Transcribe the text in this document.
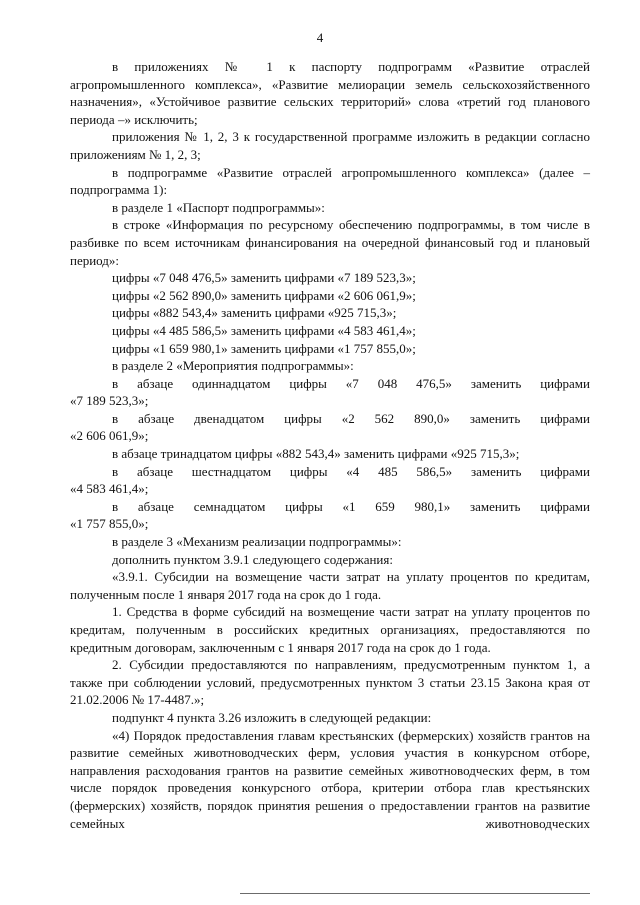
4

в приложениях № 1 к паспорту подпрограмм «Развитие отраслей агропромышленного комплекса», «Развитие мелиорации земель сельскохозяйственного назначения», «Устойчивое развитие сельских территорий» слова «третий год планового периода –» исключить;

приложения № 1, 2, 3 к государственной программе изложить в редакции согласно приложениям № 1, 2, 3;

в подпрограмме «Развитие отраслей агропромышленного комплекса» (далее – подпрограмма 1):

в разделе 1 «Паспорт подпрограммы»:

в строке «Информация по ресурсному обеспечению подпрограммы, в том числе в разбивке по всем источникам финансирования на очередной финансовый год и плановый период»:

цифры «7 048 476,5» заменить цифрами «7 189 523,3»;

цифры «2 562 890,0» заменить цифрами «2 606 061,9»;

цифры «882 543,4» заменить цифрами «925 715,3»;

цифры «4 485 586,5» заменить цифрами «4 583 461,4»;

цифры «1 659 980,1» заменить цифрами «1 757 855,0»;

в разделе 2 «Мероприятия подпрограммы»:

в абзаце одиннадцатом цифры «7 048 476,5» заменить цифрами

«7 189 523,3»;

в абзаце двенадцатом цифры «2 562 890,0» заменить цифрами

«2 606 061,9»;

в абзаце тринадцатом цифры «882 543,4» заменить цифрами «925 715,3»;

в абзаце шестнадцатом цифры «4 485 586,5» заменить цифрами

«4 583 461,4»;

в абзаце семнадцатом цифры «1 659 980,1» заменить цифрами

«1 757 855,0»;

в разделе 3 «Механизм реализации подпрограммы»:

дополнить пунктом 3.9.1 следующего содержания:

«3.9.1. Субсидии на возмещение части затрат на уплату процентов по кредитам, полученным после 1 января 2017 года на срок до 1 года.

1. Средства в форме субсидий на возмещение части затрат на уплату процентов по кредитам, полученным в российских кредитных организациях, предоставляются по кредитным договорам, заключенным с 1 января 2017 года на срок до 1 года.

2. Субсидии предоставляются по направлениям, предусмотренным пунктом 1, а также при соблюдении условий, предусмотренных пунктом 3 статьи 23.15 Закона края от 21.02.2006 № 17-4487.»;

подпункт 4 пункта 3.26 изложить в следующей редакции:

«4) Порядок предоставления главам крестьянских (фермерских) хозяйств грантов на развитие семейных животноводческих ферм, условия участия в конкурсном отборе, направления расходования грантов на развитие семейных животноводческих ферм, в том числе порядок проведения конкурсного отбора, критерии отбора глав крестьянских (фермерских) хозяйств, порядок принятия решения о предоставлении грантов на развитие семейных животноводческих
